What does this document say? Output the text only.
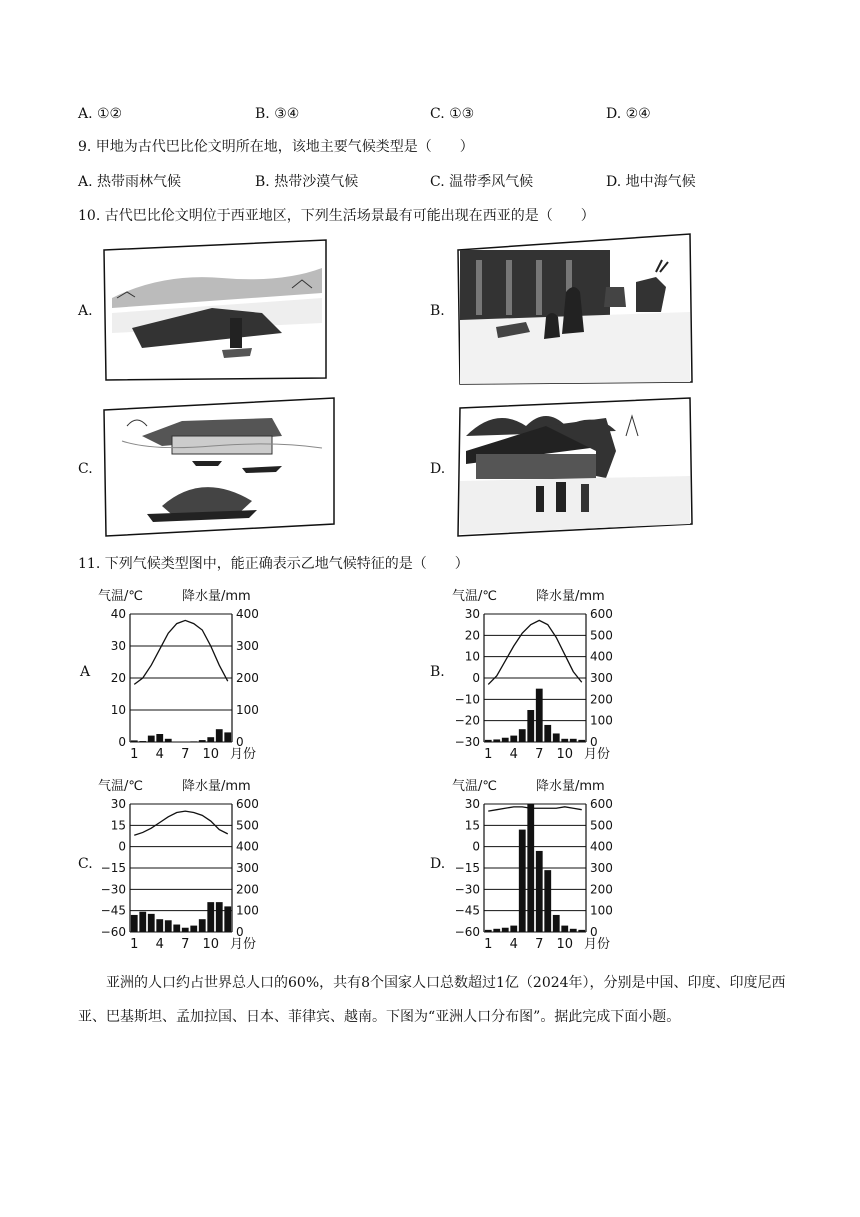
A. ①②	B. ③④	C. ①③	D. ②④
9. 甲地为古代巴比伦文明所在地，该地主要气候类型是（　　）
A. 热带雨林气候	B. 热带沙漠气候	C. 温带季风气候	D. 地中海气候
10. 古代巴比伦文明位于西亚地区，下列生活场景最有可能出现在西亚的是（　　）
A.	B.
C.	D.
11. 下列气候类型图中，能正确表示乙地气候特征的是（　　）
A
气温/℃	降水量/mm
0
10
20
30
40
0
100
200
300
400
1 4 7 10 月份
B.
气温/℃	降水量/mm
30
20
10
0
−10
−20
−30
600
500
400
300
200
100
0
1 4 7 10 月份
C.
气温/℃	降水量/mm
30
15
0
−15
−30
−45
−60
600
500
400
300
200
100
0
1 4 7 10 月份
D.
气温/℃	降水量/mm
30
15
0
−15
−30
−45
−60
600
500
400
300
200
100
0
1 4 7 10 月份
亚洲的人口约占世界总人口的60%，共有8个国家人口总数超过1亿（2024年），分别是中国、印度、印度尼西亚、巴基斯坦、孟加拉国、日本、菲律宾、越南。下图为“亚洲人口分布图”。据此完成下面小题。
